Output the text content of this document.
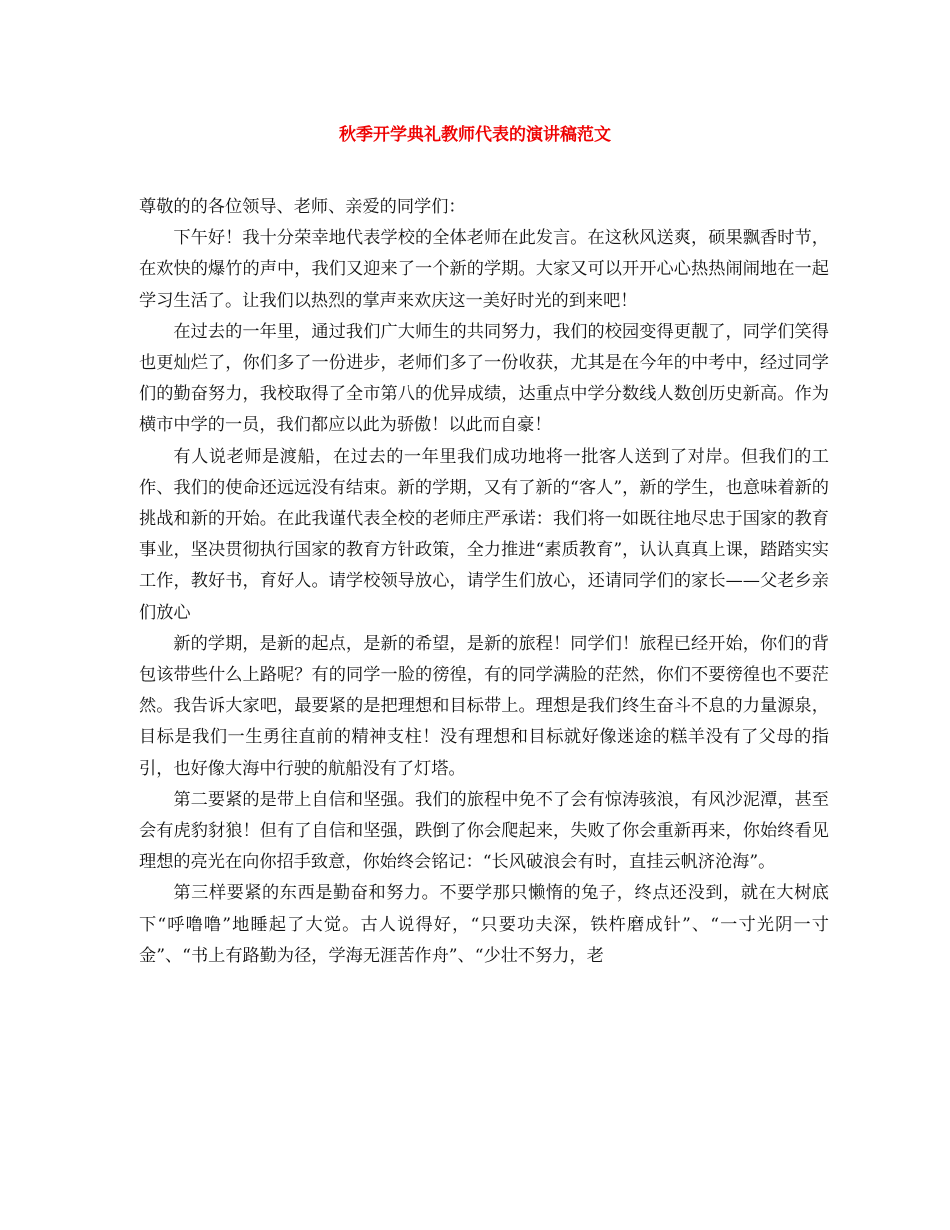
秋季开学典礼教师代表的演讲稿范文

尊敬的的各位领导、老师、亲爱的同学们：

下午好！我十分荣幸地代表学校的全体老师在此发言。在这秋风送爽，硕果飘香时节，在欢快的爆竹的声中，我们又迎来了一个新的学期。大家又可以开开心心热热闹闹地在一起学习生活了。让我们以热烈的掌声来欢庆这一美好时光的到来吧！

在过去的一年里，通过我们广大师生的共同努力，我们的校园变得更靓了，同学们笑得也更灿烂了，你们多了一份进步，老师们多了一份收获，尤其是在今年的中考中，经过同学们的勤奋努力，我校取得了全市第八的优异成绩，达重点中学分数线人数创历史新高。作为横市中学的一员，我们都应以此为骄傲！以此而自豪！

有人说老师是渡船，在过去的一年里我们成功地将一批客人送到了对岸。但我们的工作、我们的使命还远远没有结束。新的学期，又有了新的“客人”，新的学生，也意味着新的挑战和新的开始。在此我谨代表全校的老师庄严承诺：我们将一如既往地尽忠于国家的教育事业，坚决贯彻执行国家的教育方针政策，全力推进“素质教育”，认认真真上课，踏踏实实工作，教好书，育好人。请学校领导放心，请学生们放心，还请同学们的家长——父老乡亲们放心

新的学期，是新的起点，是新的希望，是新的旅程！同学们！旅程已经开始，你们的背包该带些什么上路呢？有的同学一脸的徬徨，有的同学满脸的茫然，你们不要徬徨也不要茫然。我告诉大家吧，最要紧的是把理想和目标带上。理想是我们终生奋斗不息的力量源泉，目标是我们一生勇往直前的精神支柱！没有理想和目标就好像迷途的糕羊没有了父母的指引，也好像大海中行驶的航船没有了灯塔。

第二要紧的是带上自信和坚强。我们的旅程中免不了会有惊涛骇浪，有风沙泥潭，甚至会有虎豹豺狼！但有了自信和坚强，跌倒了你会爬起来，失败了你会重新再来，你始终看见理想的亮光在向你招手致意，你始终会铭记：“长风破浪会有时，直挂云帆济沧海”。

第三样要紧的东西是勤奋和努力。不要学那只懒惰的兔子，终点还没到，就在大树底下“呼噜噜”地睡起了大觉。古人说得好，“只要功夫深，铁杵磨成针”、“一寸光阴一寸金”、“书上有路勤为径，学海无涯苦作舟”、“少壮不努力，老
